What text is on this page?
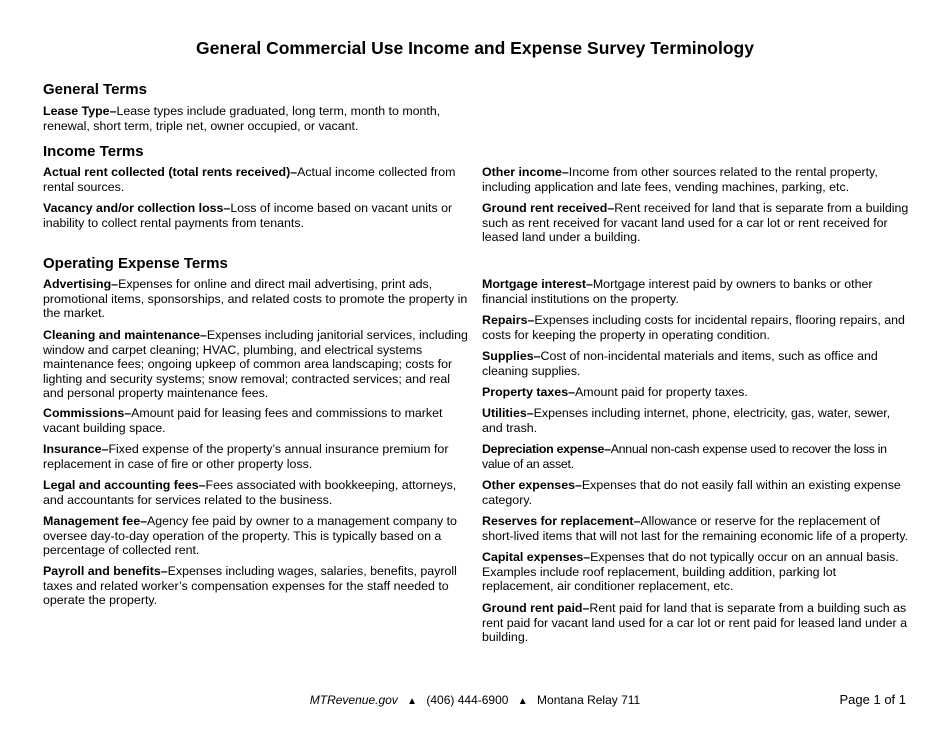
General Commercial Use Income and Expense Survey Terminology
General Terms

Lease Type–Lease types include graduated, long term, month to month, renewal, short term, triple net, owner occupied, or vacant.

Income Terms

Actual rent collected (total rents received)–Actual income collected from rental sources.

Vacancy and/or collection loss–Loss of income based on vacant units or inability to collect rental payments from tenants.

Other income–Income from other sources related to the rental property, including application and late fees, vending machines, parking, etc.

Ground rent received–Rent received for land that is separate from a building such as rent received for vacant land used for a car lot or rent received for leased land under a building.

Operating Expense Terms

Advertising–Expenses for online and direct mail advertising, print ads, promotional items, sponsorships, and related costs to promote the property in the market.

Cleaning and maintenance–Expenses including janitorial services, including window and carpet cleaning; HVAC, plumbing, and electrical systems maintenance fees; ongoing upkeep of common area landscaping; costs for lighting and security systems; snow removal; contracted services; and real and personal property maintenance fees.

Commissions–Amount paid for leasing fees and commissions to market vacant building space.

Insurance–Fixed expense of the property’s annual insurance premium for replacement in case of fire or other property loss.

Legal and accounting fees–Fees associated with bookkeeping, attorneys, and accountants for services related to the business.

Management fee–Agency fee paid by owner to a management company to oversee day-to-day operation of the property. This is typically based on a percentage of collected rent.

Payroll and benefits–Expenses including wages, salaries, benefits, payroll taxes and related worker’s compensation expenses for the staff needed to operate the property.

Mortgage interest–Mortgage interest paid by owners to banks or other financial institutions on the property.

Repairs–Expenses including costs for incidental repairs, flooring repairs, and costs for keeping the property in operating condition.

Supplies–Cost of non-incidental materials and items, such as office and cleaning supplies.

Property taxes–Amount paid for property taxes.

Utilities–Expenses including internet, phone, electricity, gas, water, sewer, and trash.

Depreciation expense–Annual non-cash expense used to recover the loss in value of an asset.

Other expenses–Expenses that do not easily fall within an existing expense category.

Reserves for replacement–Allowance or reserve for the replacement of short-lived items that will not last for the remaining economic life of a property.

Capital expenses–Expenses that do not typically occur on an annual basis. Examples include roof replacement, building addition, parking lot replacement, air conditioner replacement, etc.

Ground rent paid–Rent paid for land that is separate from a building such as rent paid for vacant land used for a car lot or rent paid for leased land under a building.

MTRevenue.gov ▲ (406) 444-6900 ▲ Montana Relay 711	Page 1 of 1
